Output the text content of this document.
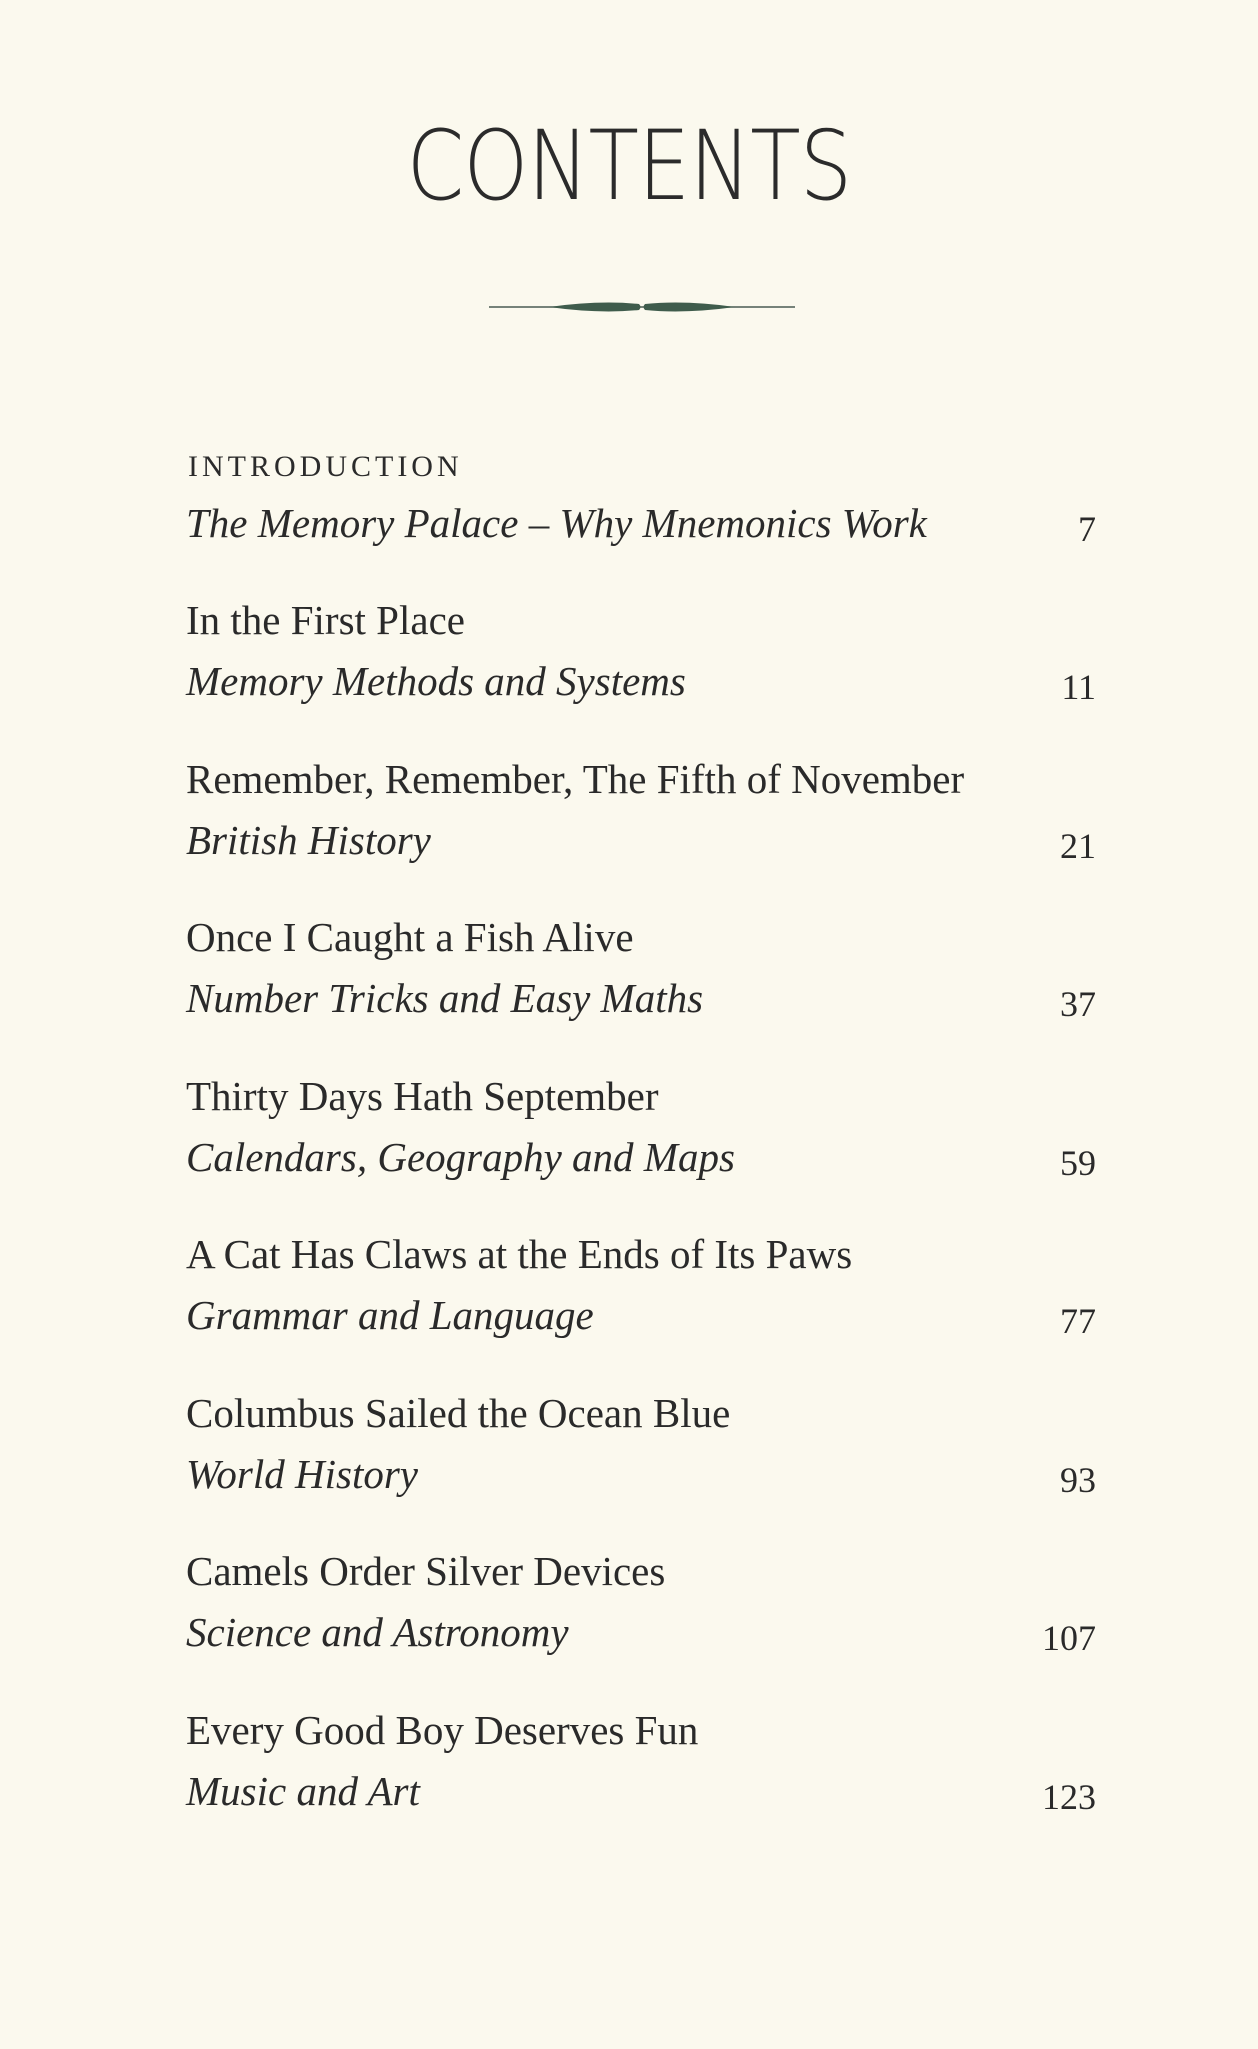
CONTENTS
INTRODUCTION
The Memory Palace – Why Mnemonics Work	7
In the First Place
Memory Methods and Systems	11
Remember, Remember, The Fifth of November
British History	21
Once I Caught a Fish Alive
Number Tricks and Easy Maths	37
Thirty Days Hath September
Calendars, Geography and Maps	59
A Cat Has Claws at the Ends of Its Paws
Grammar and Language	77
Columbus Sailed the Ocean Blue
World History	93
Camels Order Silver Devices
Science and Astronomy	107
Every Good Boy Deserves Fun
Music and Art	123
